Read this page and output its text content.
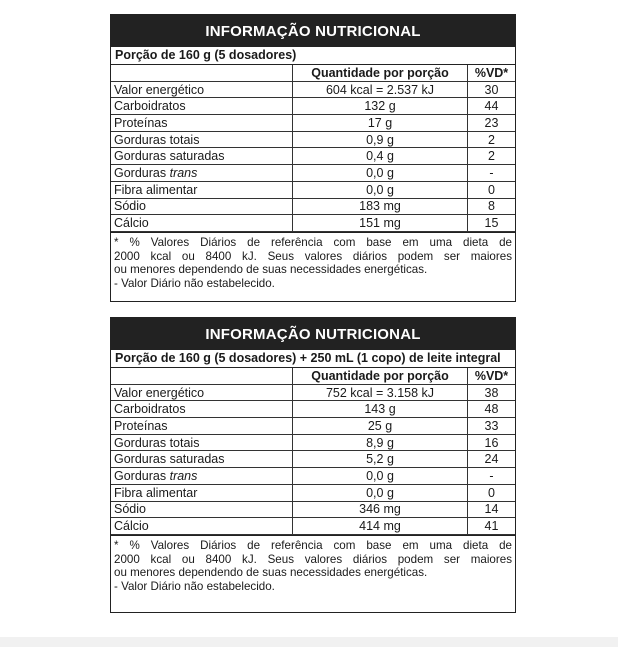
INFORMAÇÃO NUTRICIONAL
Porção de 160 g (5 dosadores)
	Quantidade por porção	%VD*
Valor energético	604 kcal = 2.537 kJ	30
Carboidratos	132 g	44
Proteínas	17 g	23
Gorduras totais	0,9 g	2
Gorduras saturadas	0,4 g	2
Gorduras trans	0,0 g	-
Fibra alimentar	0,0 g	0
Sódio	183 mg	8
Cálcio	151 mg	15
* % Valores Diários de referência com base em uma dieta de
2000 kcal ou 8400 kJ. Seus valores diários podem ser maiores
ou menores dependendo de suas necessidades energéticas.
- Valor Diário não estabelecido.
INFORMAÇÃO NUTRICIONAL
Porção de 160 g (5 dosadores) + 250 mL (1 copo) de leite integral
	Quantidade por porção	%VD*
Valor energético	752 kcal = 3.158 kJ	38
Carboidratos	143 g	48
Proteínas	25 g	33
Gorduras totais	8,9 g	16
Gorduras saturadas	5,2 g	24
Gorduras trans	0,0 g	-
Fibra alimentar	0,0 g	0
Sódio	346 mg	14
Cálcio	414 mg	41
* % Valores Diários de referência com base em uma dieta de
2000 kcal ou 8400 kJ. Seus valores diários podem ser maiores
ou menores dependendo de suas necessidades energéticas.
- Valor Diário não estabelecido.
